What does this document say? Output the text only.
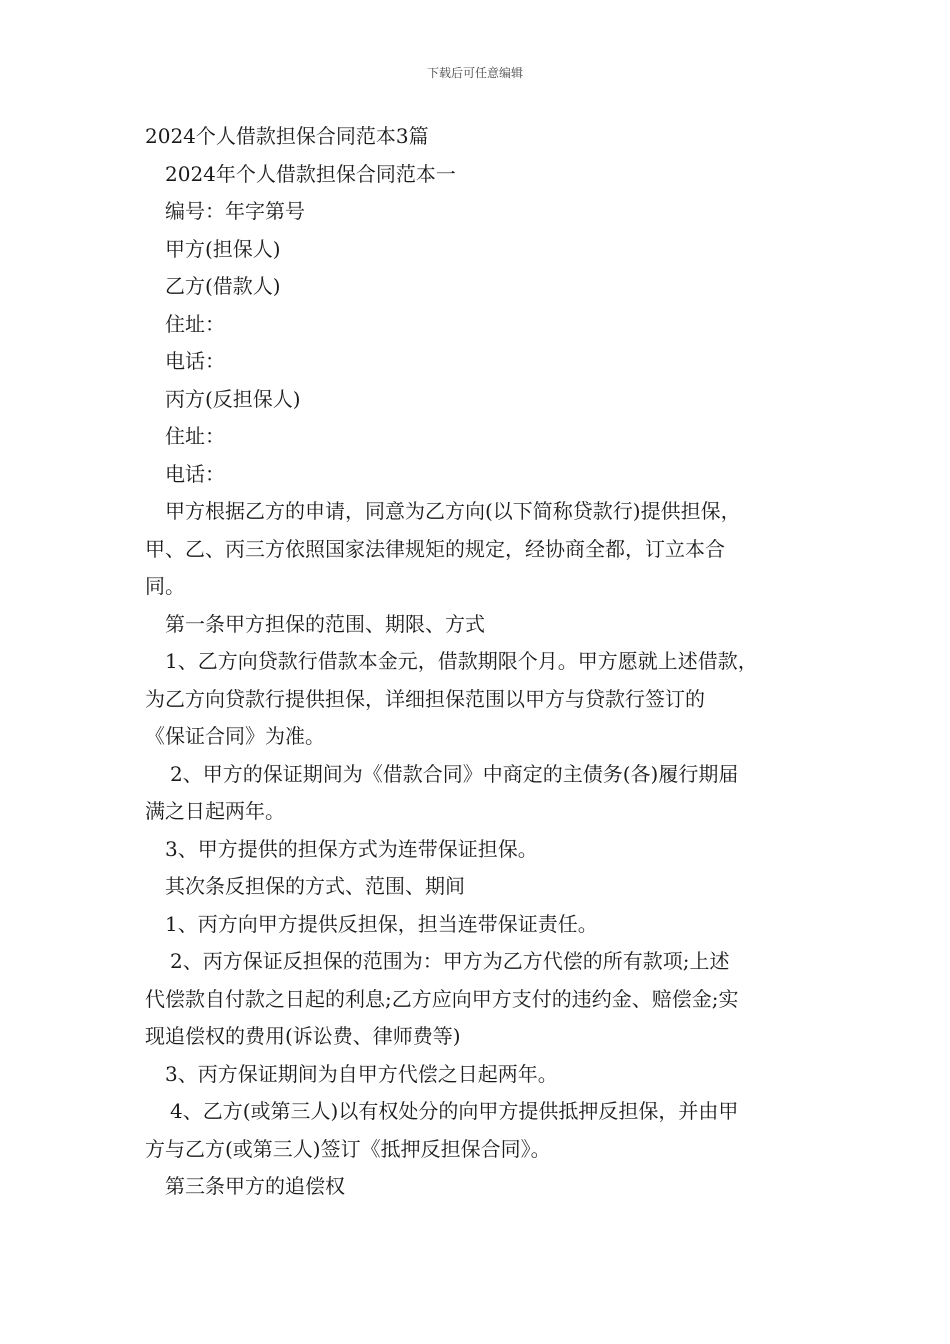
下载后可任意编辑
2024个人借款担保合同范本3篇
2024年个人借款担保合同范本一
编号：年字第号
甲方(担保人)
乙方(借款人)
住址：
电话：
丙方(反担保人)
住址：
电话：
甲方根据乙方的申请，同意为乙方向(以下简称贷款行)提供担保，
甲、乙、丙三方依照国家法律规矩的规定，经协商全都，订立本合
同。
第一条甲方担保的范围、期限、方式
1、乙方向贷款行借款本金元，借款期限个月。甲方愿就上述借款，
为乙方向贷款行提供担保，详细担保范围以甲方与贷款行签订的
《保证合同》为准。
2、甲方的保证期间为《借款合同》中商定的主债务(各)履行期届
满之日起两年。
3、甲方提供的担保方式为连带保证担保。
其次条反担保的方式、范围、期间
1、丙方向甲方提供反担保，担当连带保证责任。
2、丙方保证反担保的范围为：甲方为乙方代偿的所有款项;上述
代偿款自付款之日起的利息;乙方应向甲方支付的违约金、赔偿金;实
现追偿权的费用(诉讼费、律师费等)
3、丙方保证期间为自甲方代偿之日起两年。
4、乙方(或第三人)以有权处分的向甲方提供抵押反担保，并由甲
方与乙方(或第三人)签订《抵押反担保合同》。
第三条甲方的追偿权
